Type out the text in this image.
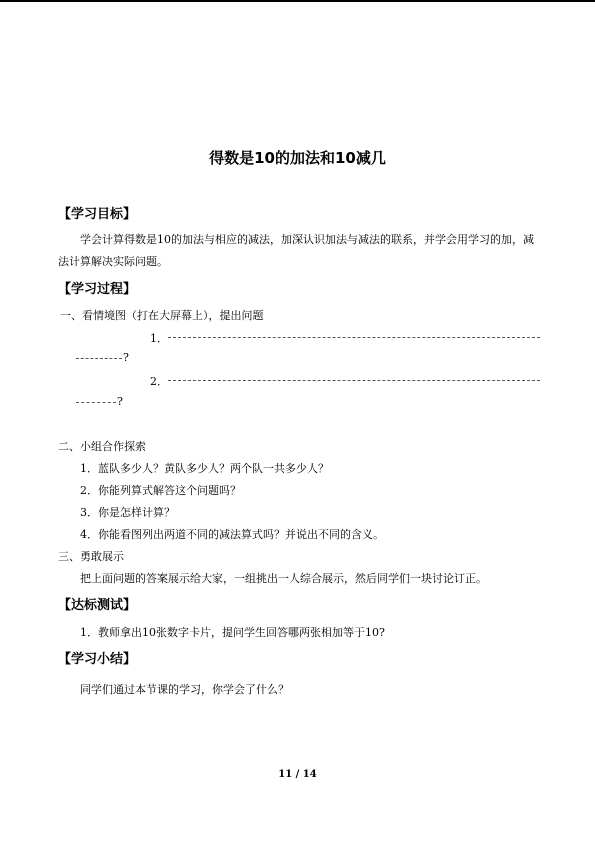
得数是10的加法和10减几
【学习目标】
学会计算得数是10的加法与相应的减法，加深认识加法与减法的联系，并学会用学习的加，减法计算解决实际问题。
【学习过程】
一、看情境图（打在大屏幕上），提出问题
1．
?
2．
?
二、小组合作探索
1．蓝队多少人？黄队多少人？两个队一共多少人？
2．你能列算式解答这个问题吗？
3．你是怎样计算？
4．你能看图列出两道不同的减法算式吗？并说出不同的含义。
三、勇敢展示
把上面问题的答案展示给大家，一组挑出一人综合展示，然后同学们一块讨论订正。
【达标测试】
1．教师拿出10张数字卡片，提问学生回答哪两张相加等于10?
【学习小结】
同学们通过本节课的学习，你学会了什么？
11 / 14
